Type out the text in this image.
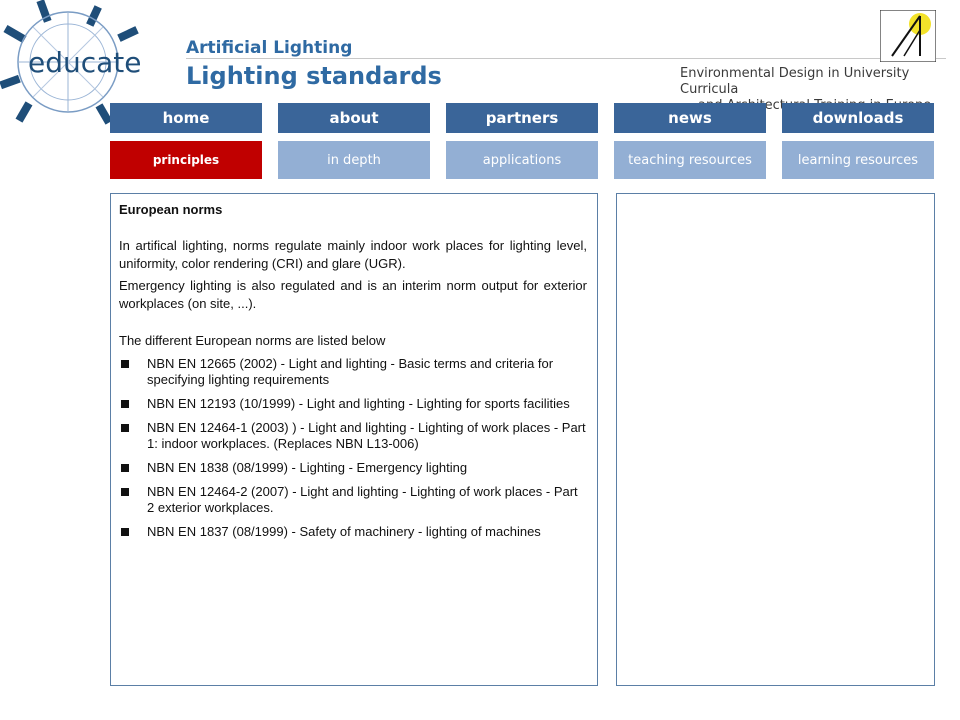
educate	Artificial Lighting
Lighting standards	Environmental Design in University Curricula
Architectural
home	about	partners	news	downloads
principles	in depth	applications	teaching resources	learning resources

European norms

In artifical lighting, norms regulate mainly indoor work places for lighting level, uniformity, color rendering (CRI) and glare (UGR).

Emergency lighting is also regulated and is an interim norm output for exterior workplaces (on site, ...).

The different European norms are listed below

NBN EN 12665 (2002) - Light and lighting - Basic terms and criteria for specifying lighting requirements
NBN EN 12193 (10/1999) - Light and lighting - Lighting for sports facilities
NBN EN 12464-1 (2003) ) - Light and lighting - Lighting of work places - Part 1: indoor workplaces. (Replaces NBN L13-006)
NBN EN 1838 (08/1999) - Lighting - Emergency lighting
NBN EN 12464-2 (2007) - Light and lighting - Lighting of work places - Part 2 exterior workplaces.
NBN EN 1837 (08/1999) - Safety of machinery - lighting of machines
